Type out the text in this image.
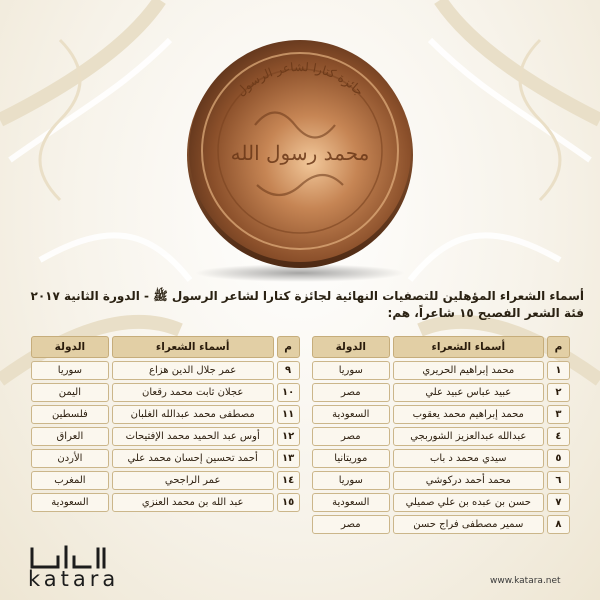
جائزة كتارا لشاعر الرسول
محمد رسول الله
أسماء الشعراء المؤهلين للتصفيات النهائية لجائزة كتارا لشاعر الرسول ﷺ - الدورة الثانية ٢٠١٧
فئة الشعر الفصيح ١٥ شاعراً، هم:
م	أسماء الشعراء	الدولة		م	أسماء الشعراء	الدولة
١	محمد إبراهيم الحريري	سوريا		٩	عمر جلال الدين هزاع	سوريا
٢	عبيد عباس عبيد علي	مصر		١٠	عجلان ثابت محمد رقعان	اليمن
٣	محمد إبراهيم محمد يعقوب	السعودية		١١	مصطفى محمد عبدالله الغلبان	فلسطين
٤	عبدالله عبدالعزيز الشوربجي	مصر		١٢	أوس عبد الحميد محمد الإفتيحات	العراق
٥	سيدي محمد د باب	موريتانيا		١٣	أحمد تحسين إحسان محمد علي	الأردن
٦	محمد أحمد دركوشي	سوريا		١٤	عمر الراجحي	المغرب
٧	حسن بن عبده بن علي صميلي	السعودية		١٥	عبد الله بن محمد العنزي	السعودية
٨	سمير مصطفى فراج حسن	مصر				
katara	www.katara.net
